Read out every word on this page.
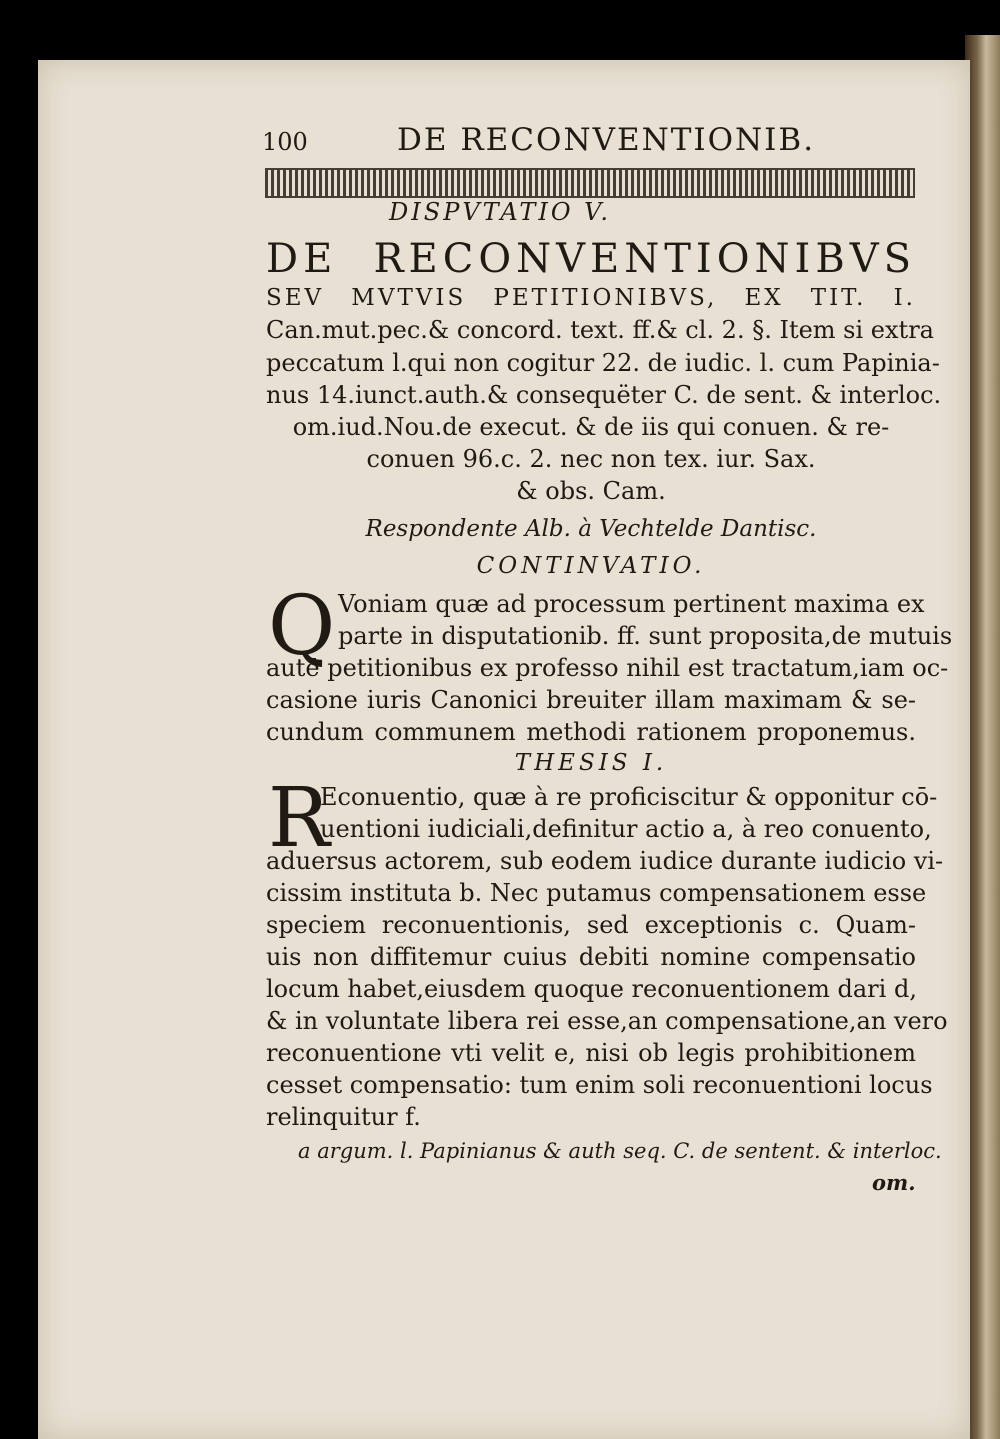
100	DE RECONVENTIONIB.
DISPVTATIO V.
DE RECONVENTIONIBVS
SEV MVTVIS PETITIONIBVS, EX TIT. I.
Can.mut.pec.& concord. text. ff.& cl. 2. §. Item si extra
peccatum l.qui non cogitur 22. de iudic. l. cum Papinia-
nus 14.iunct.auth.& consequëter C. de sent. & interloc.
om.iud.Nou.de execut. & de iis qui conuen. & re-
conuen 96.c. 2. nec non tex. iur. Sax.
& obs. Cam.
Respondente Alb. à Vechtelde Dantisc.
CONTINVATIO.
Q Voniam quæ ad processum pertinent maxima ex
parte in disputationib. ff. sunt proposita,de mutuis
autē petitionibus ex professo nihil est tractatum,iam oc-
casione iuris Canonici breuiter illam maximam & se-
cundum communem methodi rationem proponemus.
THESIS I.
R
Econuentio, quæ à re proficiscitur & opponitur cō-
uentioni iudiciali,definitur actio a, à reo conuento,
aduersus actorem, sub eodem iudice durante iudicio vi-
cissim instituta b. Nec putamus compensationem esse
speciem reconuentionis, sed exceptionis c. Quam-
uis non diffitemur cuius debiti nomine compensatio
locum habet,eiusdem quoque reconuentionem dari d,
& in voluntate libera rei esse,an compensatione,an vero
reconuentione vti velit e, nisi ob legis prohibitionem
cesset compensatio: tum enim soli reconuentioni locus
relinquitur f.
a argum. l. Papinianus & auth seq. C. de sentent. & interloc.
om.
